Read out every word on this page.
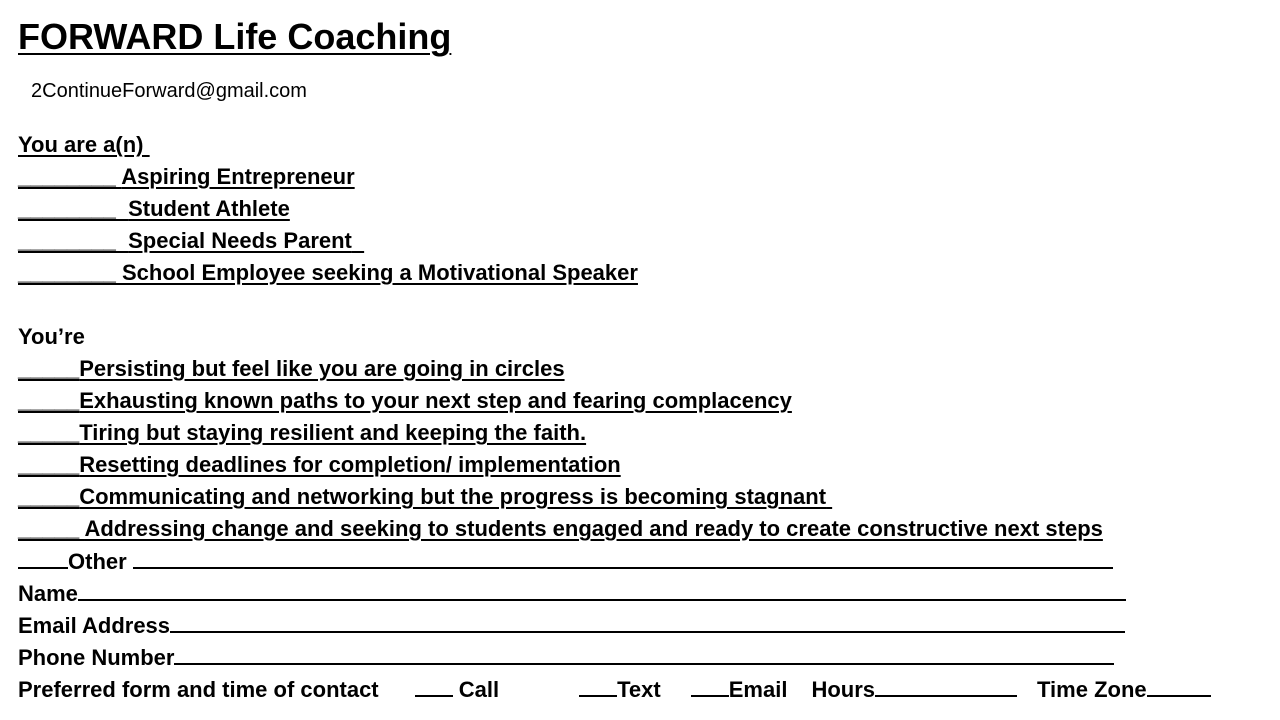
FORWARD Life Coaching
2ContinueForward@gmail.com
You are a(n)
________ Aspiring Entrepreneur
________  Student Athlete
________  Special Needs Parent
________ School Employee seeking a Motivational Speaker
You’re
_____Persisting but feel like you are going in circles
_____Exhausting known paths to your next step and fearing complacency
_____Tiring but staying resilient and keeping the faith.
_____Resetting deadlines for completion/ implementation
_____Communicating and networking but the progress is becoming stagnant
_____ Addressing change and seeking to students engaged and ready to create constructive next steps
Other
Name
Email Address
Phone Number
Preferred form and time of contact	Call	Text	Email Hours	Time Zone
